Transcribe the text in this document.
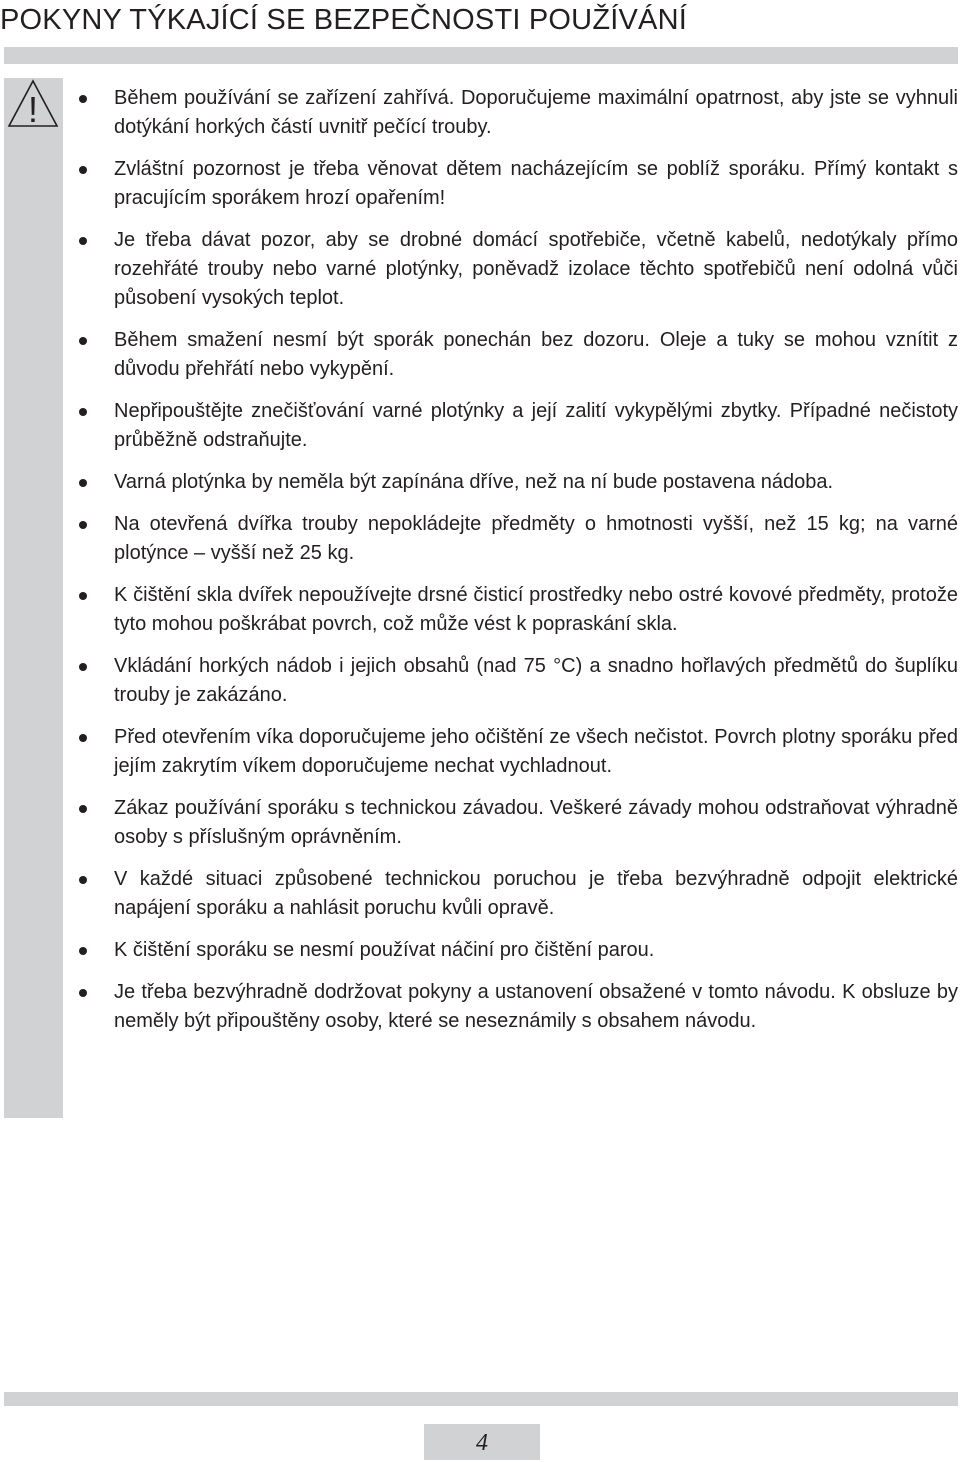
POKYNY TÝKAJÍCÍ SE BEZPEČNOSTI POUŽÍVÁNÍ
!	Během používání se zařízení zahřívá. Doporučujeme maximální opatrnost, aby jste se vyhnuli dotýkání horkých částí uvnitř pečící trouby.
Zvláštní pozornost je třeba věnovat dětem nacházejícím se poblíž sporáku. Přímý kontakt s pracujícím sporákem hrozí opařením!
Je třeba dávat pozor, aby se drobné domácí spotřebiče, včetně kabelů, nedotýkaly přímo rozehřáté trouby nebo varné plotýnky, poněvadž izolace těchto spotřebičů není odolná vůči působení vysokých teplot.
Během smažení nesmí být sporák ponechán bez dozoru. Oleje a tuky se mohou vznítit z důvodu přehřátí nebo vykypění.
Nepřipouštějte znečišťování varné plotýnky a její zalití vykypělými zbytky. Případné nečistoty průběžně odstraňujte.
Varná plotýnka by neměla být zapínána dříve, než na ní bude postavena nádoba.
Na otevřená dvířka trouby nepokládejte předměty o hmotnosti vyšší, než 15 kg; na varné plotýnce – vyšší než 25 kg.
K čištění skla dvířek nepoužívejte drsné čisticí prostředky nebo ostré kovové předměty, protože tyto mohou poškrábat povrch, což může vést k popraskání skla.
Vkládání horkých nádob i jejich obsahů (nad 75 °C) a snadno hořlavých předmětů do šuplíku trouby je zakázáno.
Před otevřením víka doporučujeme jeho očištění ze všech nečistot. Povrch plotny sporáku před jejím zakrytím víkem doporučujeme nechat vychladnout.
Zákaz používání sporáku s technickou závadou. Veškeré závady mohou odstraňovat výhradně osoby s příslušným oprávněním.
V každé situaci způsobené technickou poruchou je třeba bezvýhradně odpojit elektrické napájení sporáku a nahlásit poruchu kvůli opravě.
K čištění sporáku se nesmí používat náčiní pro čištění parou.
Je třeba bezvýhradně dodržovat pokyny a ustanovení obsažené v tomto návodu. K obsluze by neměly být připouštěny osoby, které se neseznámily s obsahem návodu.
4
